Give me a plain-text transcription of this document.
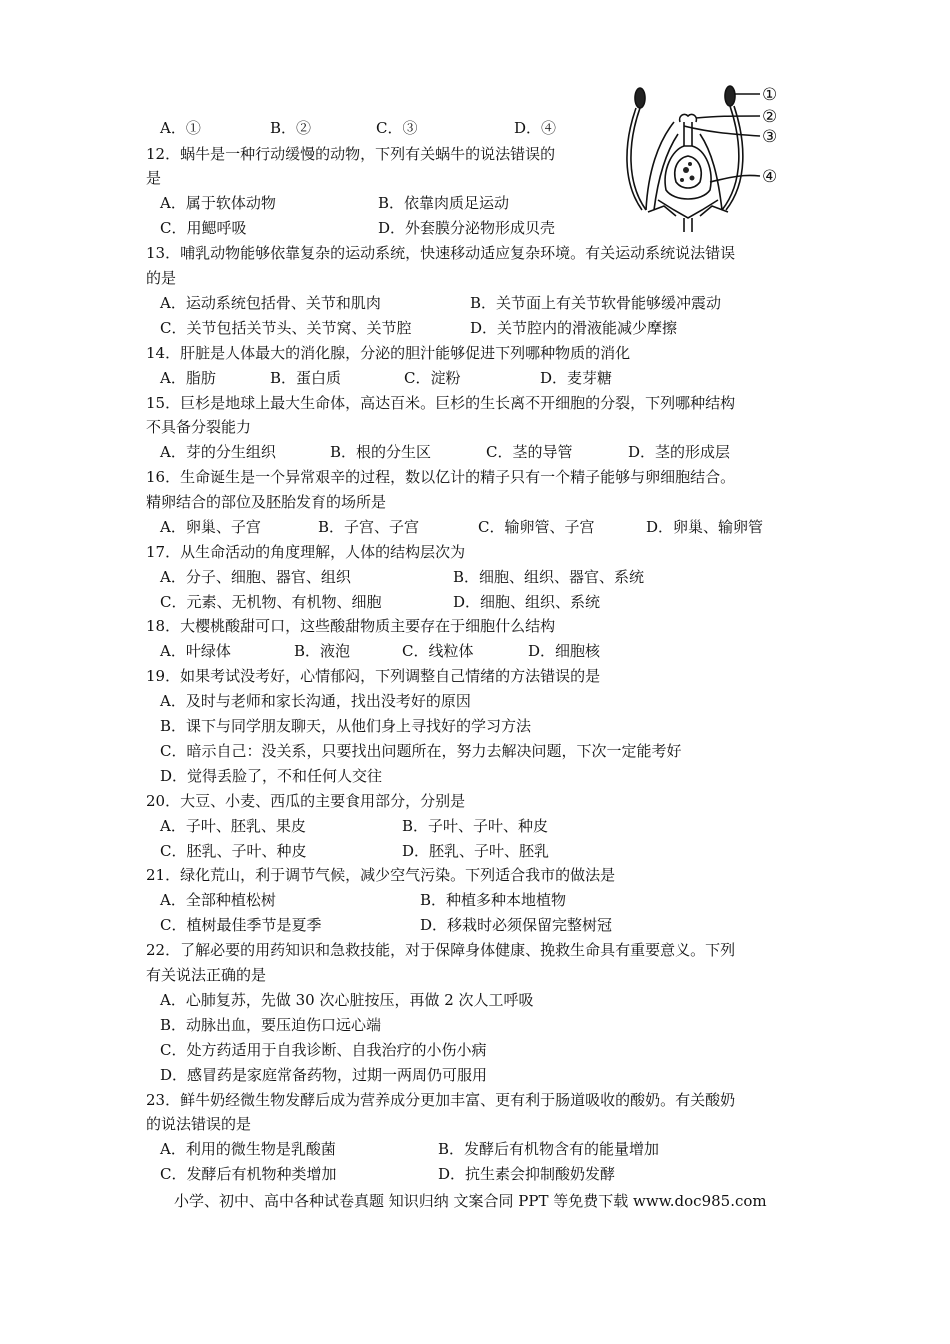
A．①	B．②	C．③	D．④
12．蜗牛是一种行动缓慢的动物，下列有关蜗牛的说法错误的
是
A．属于软体动物	B．依靠肉质足运动
C．用鳃呼吸	D．外套膜分泌物形成贝壳
①
②
③
④
13．哺乳动物能够依靠复杂的运动系统，快速移动适应复杂环境。有关运动系统说法错误
的是
A．运动系统包括骨、关节和肌肉	B．关节面上有关节软骨能够缓冲震动
C．关节包括关节头、关节窝、关节腔	D．关节腔内的滑液能减少摩擦
14．肝脏是人体最大的消化腺，分泌的胆汁能够促进下列哪种物质的消化
A．脂肪	B．蛋白质	C．淀粉	D．麦芽糖
15．巨杉是地球上最大生命体，高达百米。巨杉的生长离不开细胞的分裂，下列哪种结构
不具备分裂能力
A．芽的分生组织	B．根的分生区	C．茎的导管	D．茎的形成层
16．生命诞生是一个异常艰辛的过程，数以亿计的精子只有一个精子能够与卵细胞结合。
精卵结合的部位及胚胎发育的场所是
A．卵巢、子宫	B．子宫、子宫	C．输卵管、子宫	D．卵巢、输卵管
17．从生命活动的角度理解，人体的结构层次为
A．分子、细胞、器官、组织	B．细胞、组织、器官、系统
C．元素、无机物、有机物、细胞	D．细胞、组织、系统
18．大樱桃酸甜可口，这些酸甜物质主要存在于细胞什么结构
A．叶绿体	B．液泡	C．线粒体	D．细胞核
19．如果考试没考好，心情郁闷，下列调整自己情绪的方法错误的是
A．及时与老师和家长沟通，找出没考好的原因
B．课下与同学朋友聊天，从他们身上寻找好的学习方法
C．暗示自己：没关系，只要找出问题所在，努力去解决问题，下次一定能考好
D．觉得丢脸了，不和任何人交往
20．大豆、小麦、西瓜的主要食用部分，分别是
A．子叶、胚乳、果皮	B．子叶、子叶、种皮
C．胚乳、子叶、种皮	D．胚乳、子叶、胚乳
21．绿化荒山，利于调节气候，减少空气污染。下列适合我市的做法是
A．全部种植松树	B．种植多种本地植物
C．植树最佳季节是夏季	D．移栽时必须保留完整树冠
22．了解必要的用药知识和急救技能，对于保障身体健康、挽救生命具有重要意义。下列
有关说法正确的是
A．心肺复苏，先做 30 次心脏按压，再做 2 次人工呼吸
B．动脉出血，要压迫伤口远心端
C．处方药适用于自我诊断、自我治疗的小伤小病
D．感冒药是家庭常备药物，过期一两周仍可服用
23．鲜牛奶经微生物发酵后成为营养成分更加丰富、更有利于肠道吸收的酸奶。有关酸奶
的说法错误的是
A．利用的微生物是乳酸菌	B．发酵后有机物含有的能量增加
C．发酵后有机物种类增加	D．抗生素会抑制酸奶发酵
小学、初中、高中各种试卷真题 知识归纳 文案合同 PPT 等免费下载 www.doc985.com
